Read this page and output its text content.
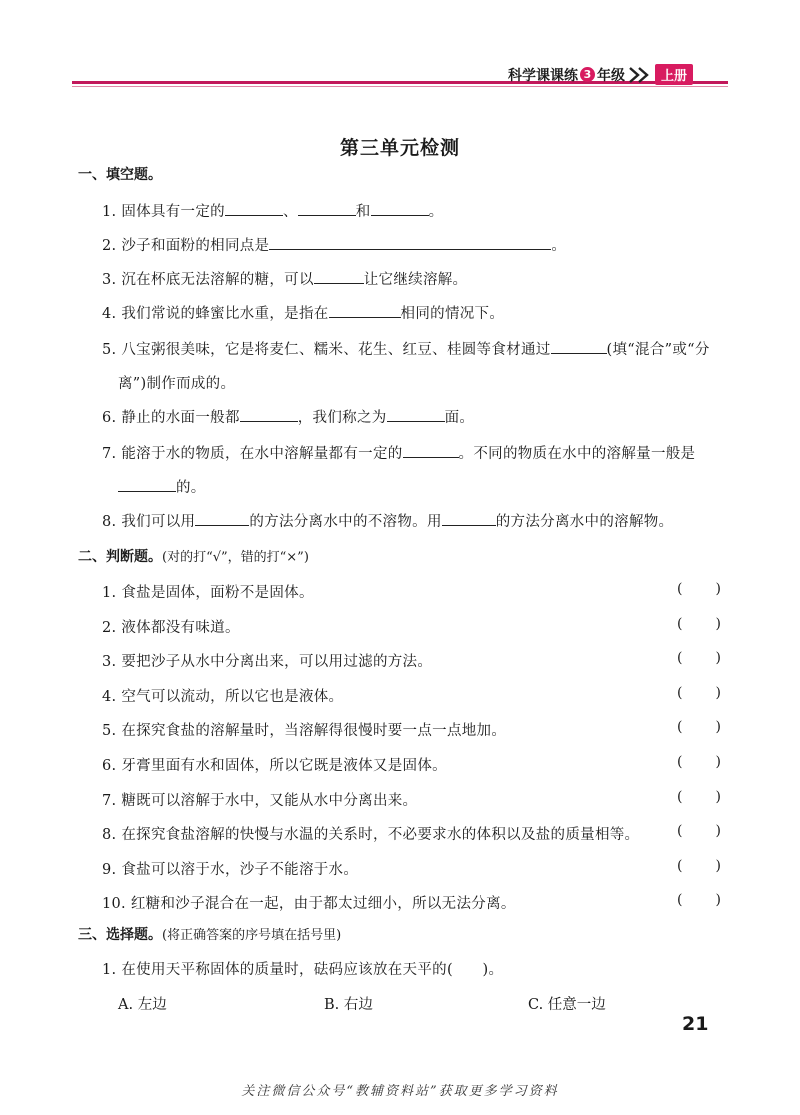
科学课课练 3 年级	上册
第三单元检测
一、填空题。
1. 固体具有一定的	、	和	。
2. 沙子和面粉的相同点是	。
3. 沉在杯底无法溶解的糖，可以	让它继续溶解。
4. 我们常说的蜂蜜比水重，是指在	相同的情况下。
5. 八宝粥很美味，它是将麦仁、糯米、花生、红豆、桂圆等食材通过	(填“混合”或“分
离”)制作而成的。
6. 静止的水面一般都	，我们称之为	面。
7. 能溶于水的物质，在水中溶解量都有一定的	。不同的物质在水中的溶解量一般是
的。
8. 我们可以用	的方法分离水中的不溶物。用	的方法分离水中的溶解物。
二、判断题。(对的打“√”，错的打“×”)
1. 食盐是固体，面粉不是固体。	( )
2. 液体都没有味道。	( )
3. 要把沙子从水中分离出来，可以用过滤的方法。	( )
4. 空气可以流动，所以它也是液体。	( )
5. 在探究食盐的溶解量时，当溶解得很慢时要一点一点地加。	( )
6. 牙膏里面有水和固体，所以它既是液体又是固体。	( )
7. 糖既可以溶解于水中，又能从水中分离出来。	( )
8. 在探究食盐溶解的快慢与水温的关系时，不必要求水的体积以及盐的质量相等。	( )
9. 食盐可以溶于水，沙子不能溶于水。	( )
10. 红糖和沙子混合在一起，由于都太过细小，所以无法分离。	( )
三、选择题。(将正确答案的序号填在括号里)
1. 在使用天平称固体的质量时，砝码应该放在天平的(　　)。
A. 左边	B. 右边	C. 任意一边
21
关注微信公众号“教辅资料站”获取更多学习资料
